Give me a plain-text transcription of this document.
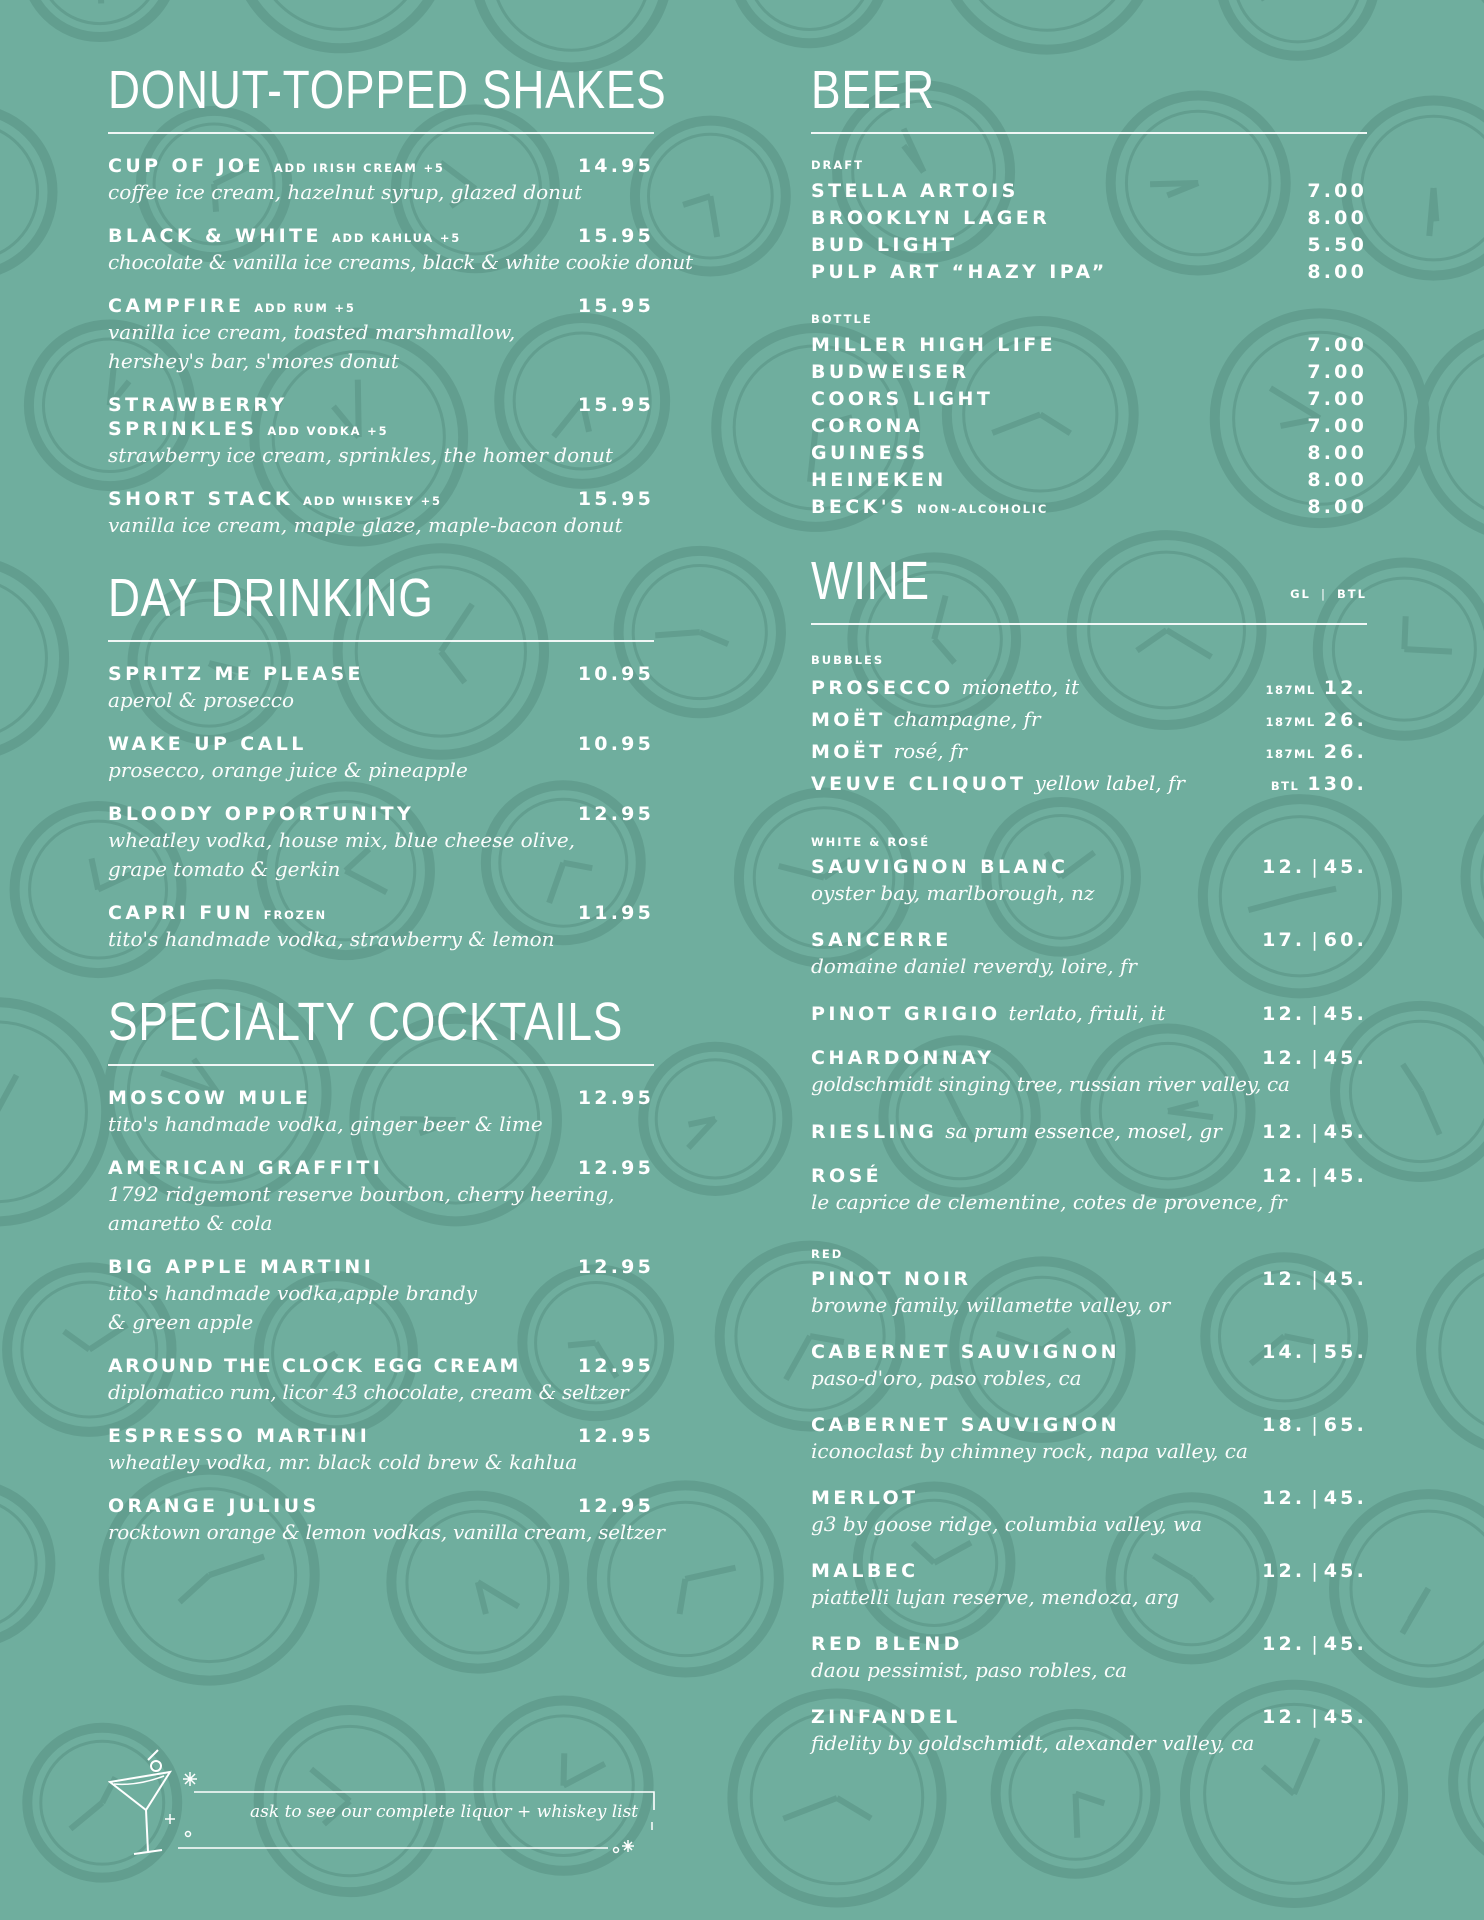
DONUT-TOPPED SHAKES
CUP OF JOE ADD IRISH CREAM +5	14.95
coffee ice cream, hazelnut syrup, glazed donut
BLACK & WHITE ADD KAHLUA +5	15.95
chocolate & vanilla ice creams, black & white cookie donut
CAMPFIRE ADD RUM +5	15.95
vanilla ice cream, toasted marshmallow,
hershey's bar, s'mores donut
STRAWBERRY	15.95
SPRINKLES ADD VODKA +5
strawberry ice cream, sprinkles, the homer donut
SHORT STACK ADD WHISKEY +5	15.95
vanilla ice cream, maple glaze, maple-bacon donut
DAY DRINKING
SPRITZ ME PLEASE	10.95
aperol & prosecco
WAKE UP CALL	10.95
prosecco, orange juice & pineapple
BLOODY OPPORTUNITY	12.95
wheatley vodka, house mix, blue cheese olive,
grape tomato & gerkin
CAPRI FUN FROZEN	11.95
tito's handmade vodka, strawberry & lemon
SPECIALTY COCKTAILS
MOSCOW MULE	12.95
tito's handmade vodka, ginger beer & lime
AMERICAN GRAFFITI	12.95
1792 ridgemont reserve bourbon, cherry heering,
amaretto & cola
BIG APPLE MARTINI	12.95
tito's handmade vodka,apple brandy
& green apple
AROUND THE CLOCK EGG CREAM	12.95
diplomatico rum, licor 43 chocolate, cream & seltzer
ESPRESSO MARTINI	12.95
wheatley vodka, mr. black cold brew & kahlua
ORANGE JULIUS	12.95
rocktown orange & lemon vodkas, vanilla cream, seltzer
ask to see our complete liquor + whiskey list
BEER
DRAFT
STELLA ARTOIS	7.00
BROOKLYN LAGER	8.00
BUD LIGHT	5.50
PULP ART “HAZY IPA”	8.00
BOTTLE
MILLER HIGH LIFE	7.00
BUDWEISER	7.00
COORS LIGHT	7.00
CORONA	7.00
GUINESS	8.00
HEINEKEN	8.00
BECK'S NON-ALCOHOLIC	8.00
WINE	GL | BTL
BUBBLES
PROSECCO mionetto, it	187ML 12.
MOËT champagne, fr	187ML 26.
MOËT rosé, fr	187ML 26.
VEUVE CLIQUOT yellow label, fr	BTL 130.
WHITE & ROSÉ
SAUVIGNON BLANC	12. | 45.
oyster bay, marlborough, nz
SANCERRE	17. | 60.
domaine daniel reverdy, loire, fr
PINOT GRIGIO terlato, friuli, it	12. | 45.
CHARDONNAY	12. | 45.
goldschmidt singing tree, russian river valley, ca
RIESLING sa prum essence, mosel, gr 12. | 45.
ROSÉ	12. | 45.
le caprice de clementine, cotes de provence, fr
RED
PINOT NOIR	12. | 45.
browne family, willamette valley, or
CABERNET SAUVIGNON	14. | 55.
paso-d'oro, paso robles, ca
CABERNET SAUVIGNON	18. | 65.
iconoclast by chimney rock, napa valley, ca
MERLOT	12. | 45.
g3 by goose ridge, columbia valley, wa
MALBEC	12. | 45.
piattelli lujan reserve, mendoza, arg
RED BLEND	12. | 45.
daou pessimist, paso robles, ca
ZINFANDEL	12. | 45.
fidelity by goldschmidt, alexander valley, ca
